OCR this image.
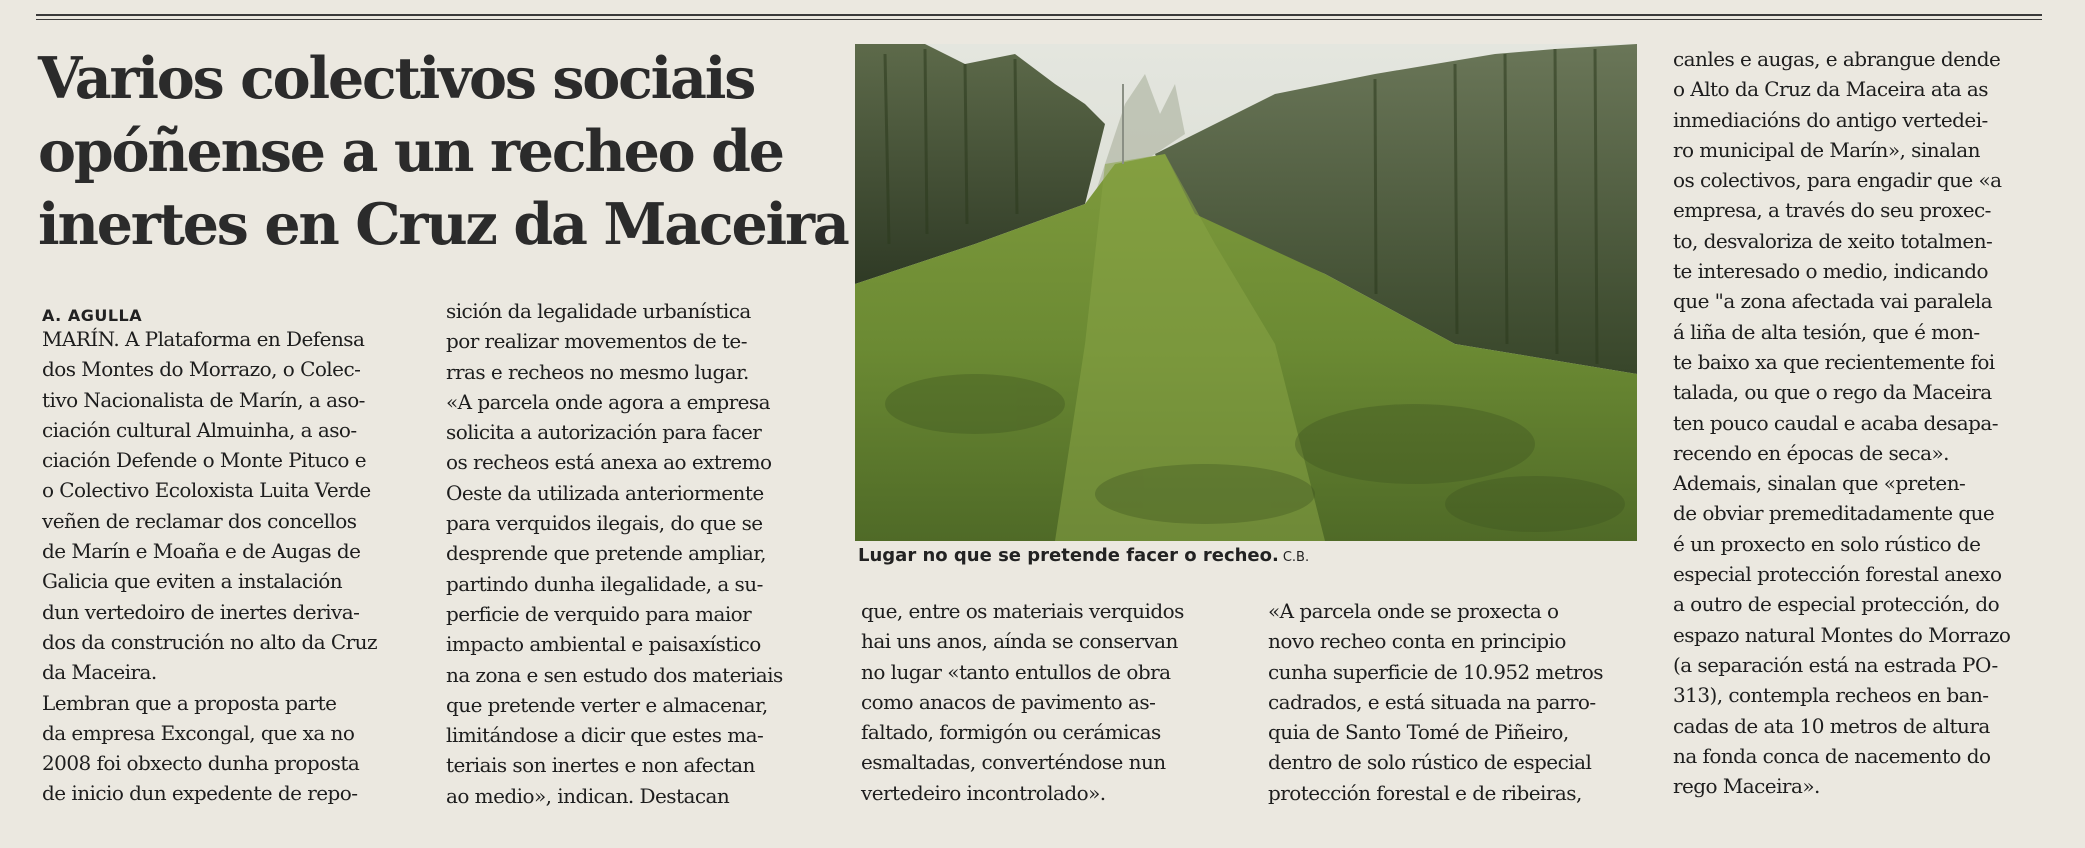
Varios colectivos sociais
opóñense a un recheo de
inertes en Cruz da Maceira

A. AGULLA

MARÍN. A Plataforma en Defensa
dos Montes do Morrazo, o Colec-
tivo Nacionalista de Marín, a aso-
ciación cultural Almuinha, a aso-
ciación Defende o Monte Pituco e
o Colectivo Ecoloxista Luita Verde
veñen de reclamar dos concellos
de Marín e Moaña e de Augas de
Galicia que eviten a instalación
dun vertedoiro de inertes deriva-
dos da construción no alto da Cruz
da Maceira.
Lembran que a proposta parte
da empresa Excongal, que xa no
2008 foi obxecto dunha proposta
de inicio dun expedente de repo-

sición da legalidade urbanística
por realizar movementos de te-
rras e recheos no mesmo lugar.
«A parcela onde agora a empresa
solicita a autorización para facer
os recheos está anexa ao extremo
Oeste da utilizada anteriormente
para verquidos ilegais, do que se
desprende que pretende ampliar,
partindo dunha ilegalidade, a su-
perficie de verquido para maior
impacto ambiental e paisaxístico
na zona e sen estudo dos materiais
que pretende verter e almacenar,
limitándose a dicir que estes ma-
teriais son inertes e non afectan
ao medio», indican. Destacan

Lugar no que se pretende facer o recheo. C.B.

que, entre os materiais verquidos
hai uns anos, aínda se conservan
no lugar «tanto entullos de obra
como anacos de pavimento as-
faltado, formigón ou cerámicas
esmaltadas, converténdose nun
vertedeiro incontrolado».

«A parcela onde se proxecta o
novo recheo conta en principio
cunha superficie de 10.952 metros
cadrados, e está situada na parro-
quia de Santo Tomé de Piñeiro,
dentro de solo rústico de especial
protección forestal e de ribeiras,

canles e augas, e abrangue dende
o Alto da Cruz da Maceira ata as
inmediacións do antigo vertedei-
ro municipal de Marín», sinalan
os colectivos, para engadir que «a
empresa, a través do seu proxec-
to, desvaloriza de xeito totalmen-
te interesado o medio, indicando
que "a zona afectada vai paralela
á liña de alta tesión, que é mon-
te baixo xa que recientemente foi
talada, ou que o rego da Maceira
ten pouco caudal e acaba desapa-
recendo en épocas de seca».
Ademais, sinalan que «preten-
de obviar premeditadamente que
é un proxecto en solo rústico de
especial protección forestal anexo
a outro de especial protección, do
espazo natural Montes do Morrazo
(a separación está na estrada PO-
313), contempla recheos en ban-
cadas de ata 10 metros de altura
na fonda conca de nacemento do
rego Maceira».
